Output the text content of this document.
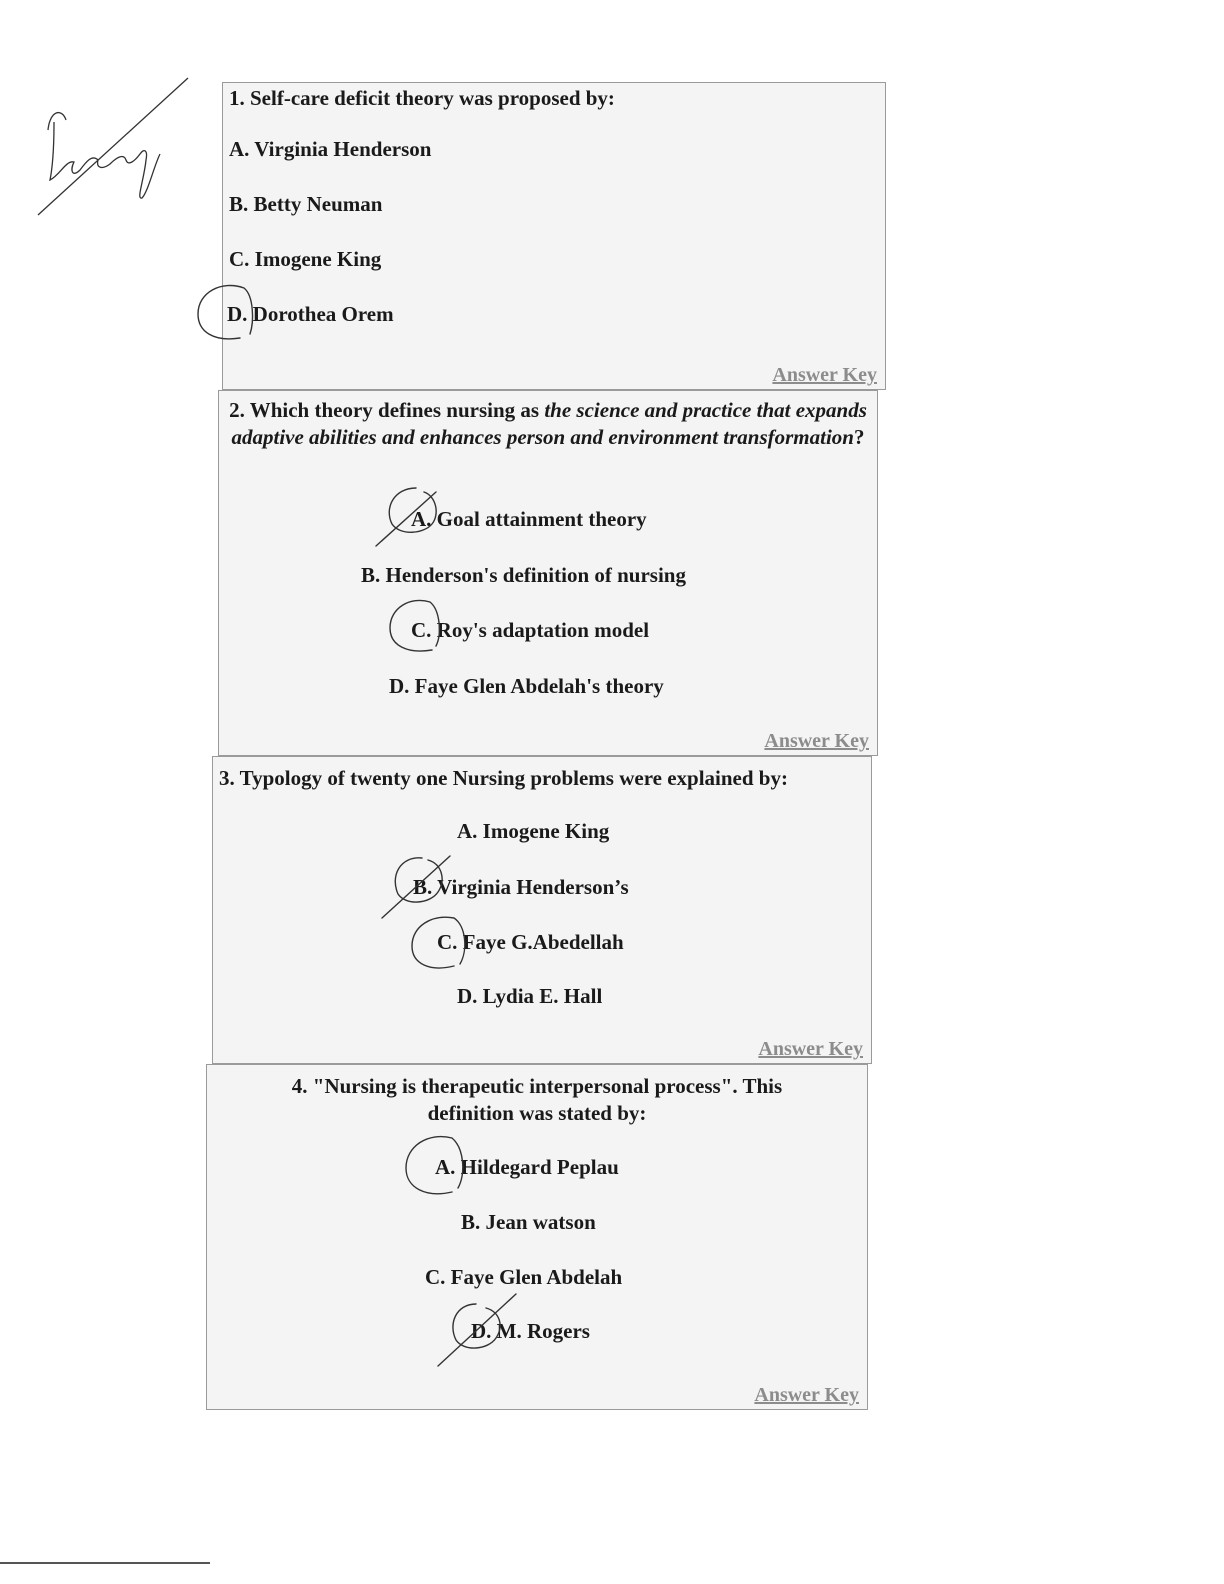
1. Self-care deficit theory was proposed by:

A. Virginia Henderson

B. Betty Neuman

C. Imogene King

D. Dorothea Orem

Answer Key

2. Which theory defines nursing as the science and practice that expands adaptive abilities and enhances person and environment transformation?

A. Goal attainment theory

B. Henderson's definition of nursing

C. Roy's adaptation model

D. Faye Glen Abdelah's theory

Answer Key

3. Typology of twenty one Nursing problems were explained by:

A. Imogene King

B. Virginia Henderson’s

C. Faye G.Abedellah

D. Lydia E. Hall

Answer Key

4. "Nursing is therapeutic interpersonal process". This definition was stated by:

A. Hildegard Peplau

B. Jean watson

C. Faye Glen Abdelah

D. M. Rogers

Answer Key
